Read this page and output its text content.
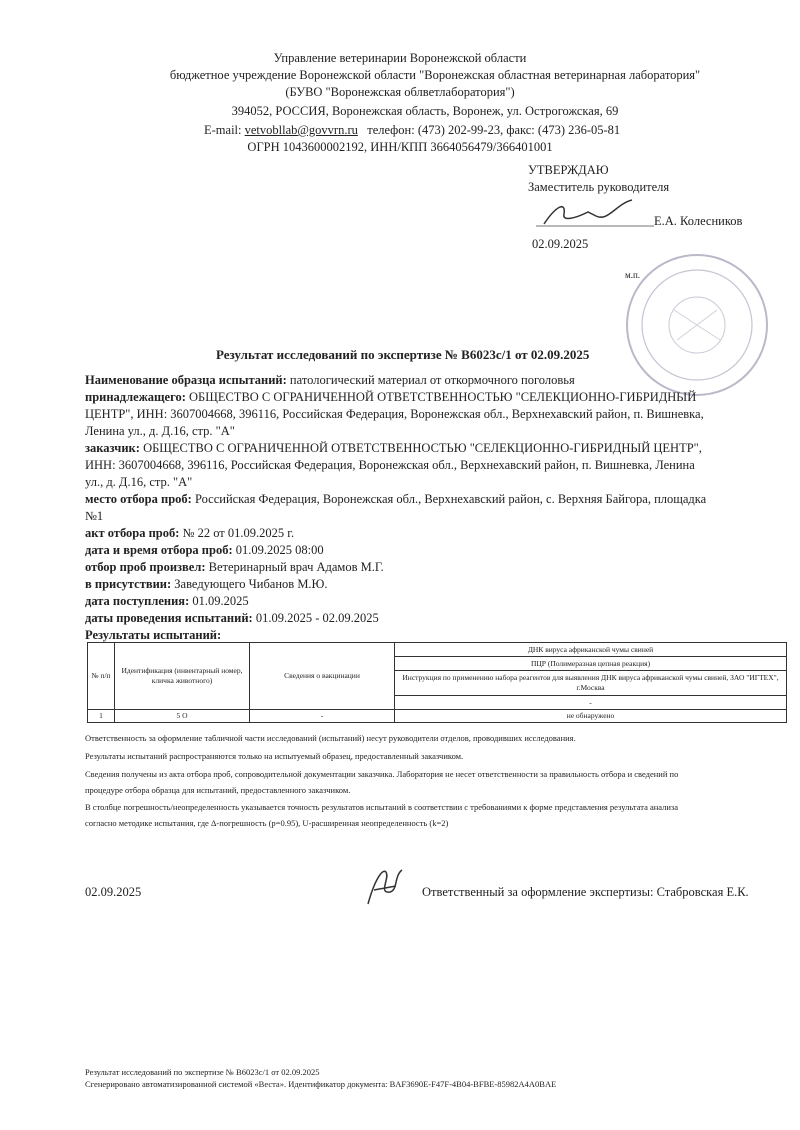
Управление ветеринарии Воронежской области
бюджетное учреждение Воронежской области "Воронежская областная ветеринарная лаборатория"
(БУВО "Воронежская облветлаборатория")
394052, РОССИЯ, Воронежская область, Воронеж, ул. Острогожская, 69
E-mail: vetvobllab@govvrn.ru телефон: (473) 202-99-23, факс: (473) 236-05-81
ОГРН 1043600002192, ИНН/КПП 3664056479/366401001
УТВЕРЖДАЮ
Заместитель руководителя
Е.А. Колесников
02.09.2025
м.п.
Результат исследований по экспертизе № В6023с/1 от 02.09.2025
Наименование образца испытаний: патологический материал от откормочного поголовья
принадлежащего: ОБЩЕСТВО С ОГРАНИЧЕННОЙ ОТВЕТСТВЕННОСТЬЮ "СЕЛЕКЦИОННО-ГИБРИДНЫЙ
ЦЕНТР", ИНН: 3607004668, 396116, Российская Федерация, Воронежская обл., Верхнехавский район, п. Вишневка,
Ленина ул., д. Д.16, стр. "А"
заказчик: ОБЩЕСТВО С ОГРАНИЧЕННОЙ ОТВЕТСТВЕННОСТЬЮ "СЕЛЕКЦИОННО-ГИБРИДНЫЙ ЦЕНТР",
ИНН: 3607004668, 396116, Российская Федерация, Воронежская обл., Верхнехавский район, п. Вишневка, Ленина
ул., д. Д.16, стр. "А"
место отбора проб: Российская Федерация, Воронежская обл., Верхнехавский район, с. Верхняя Байгора, площадка
№1
акт отбора проб: № 22 от 01.09.2025 г.
дата и время отбора проб: 01.09.2025 08:00
отбор проб произвел: Ветеринарный врач Адамов М.Г.
в присутствии: Заведующего Чибанов М.Ю.
дата поступления: 01.09.2025
даты проведения испытаний: 01.09.2025 - 02.09.2025
Результаты испытаний:
№ п/п	Идентификация (инвентарный номер, кличка животного)	Сведения о вакцинации	ДНК вируса африканской чумы свиней
			ПЦР (Полимеразная цепная реакция)
			Инструкция по применению набора реагентов для выявления ДНК вируса африканской чумы свиней, ЗАО "ИГТЕХ", г.Москва
			-
1	5 О	-	не обнаружено
Ответственность за оформление табличной части исследований (испытаний) несут руководители отделов, проводивших исследования.
Результаты испытаний распространяются только на испытуемый образец, предоставленный заказчиком.
Сведения получены из акта отбора проб, сопроводительной документации заказчика. Лаборатория не несет ответственности за правильность отбора и сведений по
процедуре отбора образца для испытаний, предоставленного заказчиком.
В столбце погрешность/неопределенность указывается точность результатов испытаний в соответствии с требованиями к форме представления результата анализа
согласно методике испытания, где Δ-погрешность (p=0.95), U-расширенная неопределенность (k=2)
02.09.2025	Ответственный за оформление экспертизы: Стабровская Е.К.
Результат исследований по экспертизе № В6023с/1 от 02.09.2025
Сгенерировано автоматизированной системой «Веста». Идентификатор документа: BAF3690E-F47F-4B04-BFBE-85982A4A0BAE
